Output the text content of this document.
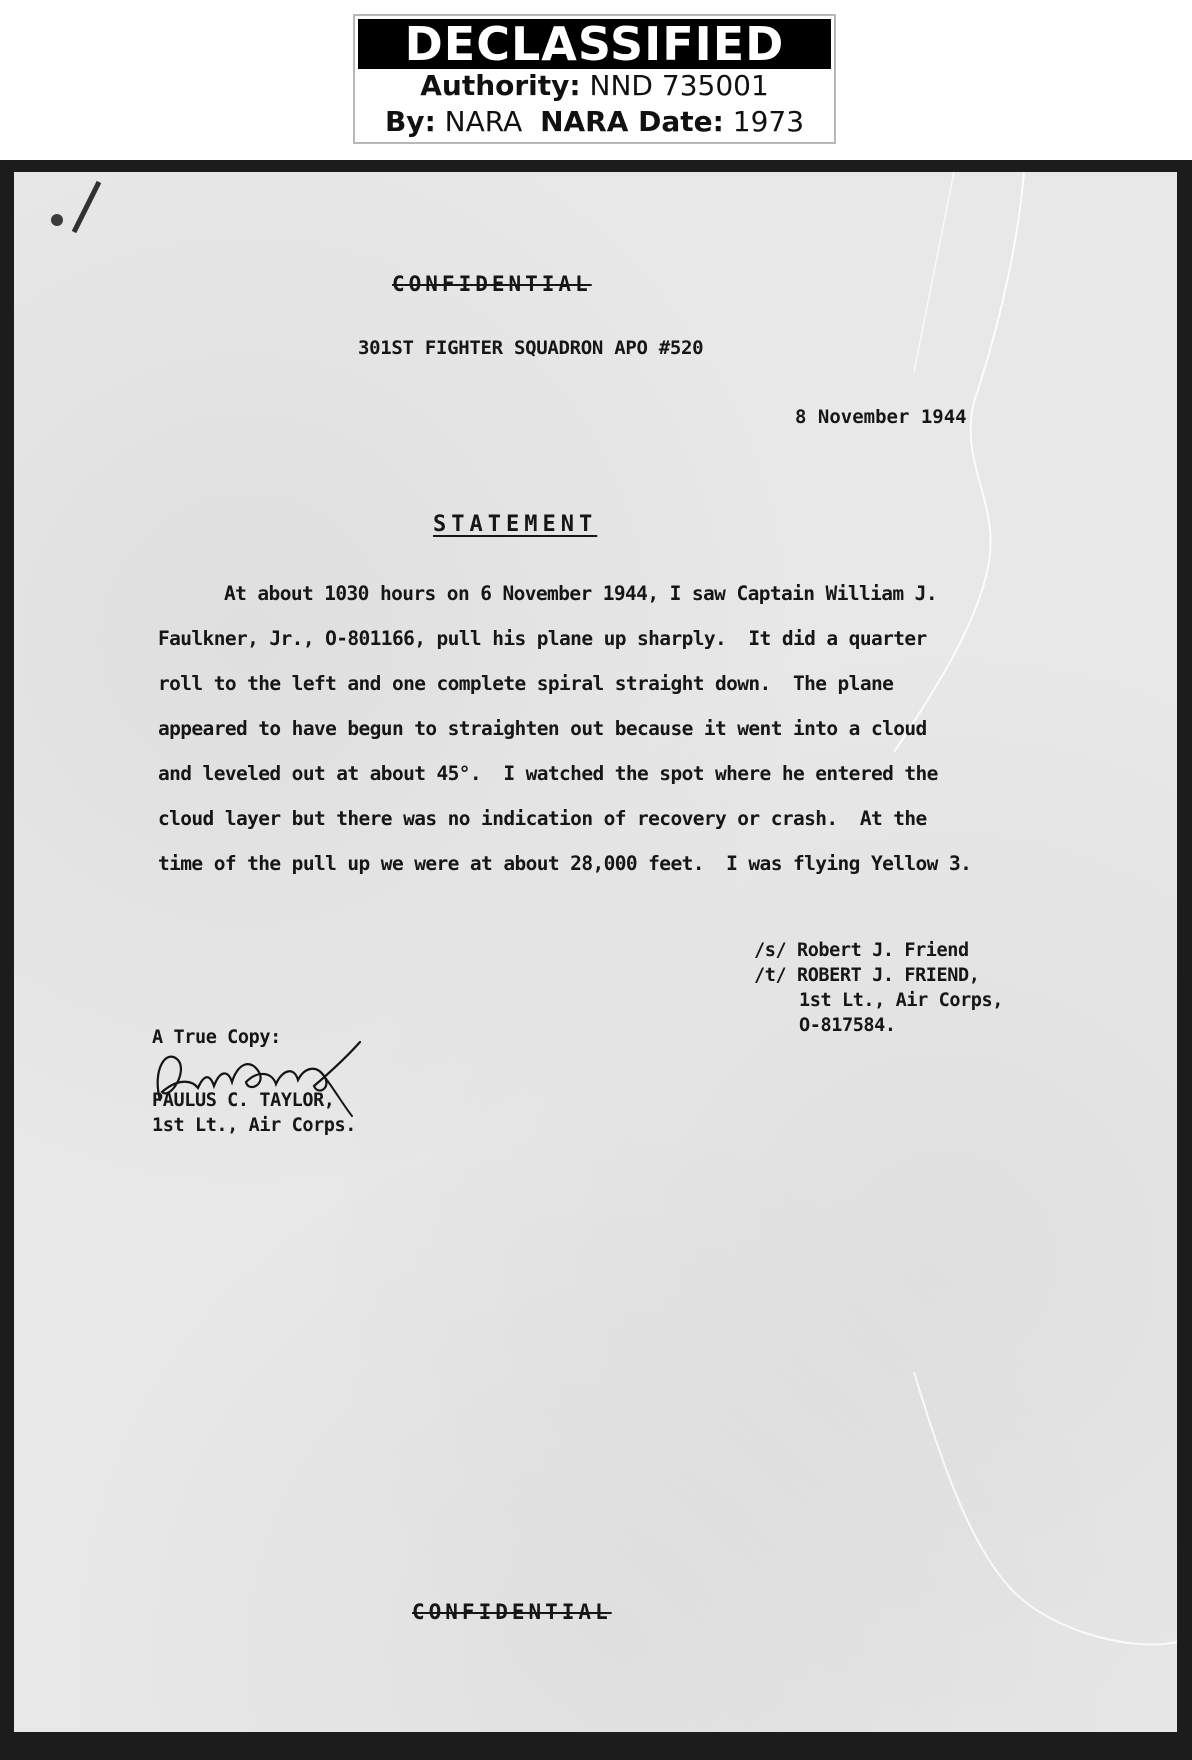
DECLASSIFIED
Authority: NND 735001
By: NARA NARA Date: 1973
CONFIDENTIAL
301ST FIGHTER SQUADRON APO #520
8 November 1944
STATEMENT
At about 1030 hours on 6 November 1944, I saw Captain William J.
Faulkner, Jr., O-801166, pull his plane up sharply.  It did a quarter
roll to the left and one complete spiral straight down.  The plane
appeared to have begun to straighten out because it went into a cloud
and leveled out at about 45°.  I watched the spot where he entered the
cloud layer but there was no indication of recovery or crash.  At the
time of the pull up we were at about 28,000 feet.  I was flying Yellow 3.
/s/ Robert J. Friend
/t/ ROBERT J. FRIEND,
1st Lt., Air Corps,
O-817584.
A True Copy:
PAULUS C. TAYLOR,
1st Lt., Air Corps.
CONFIDENTIAL
